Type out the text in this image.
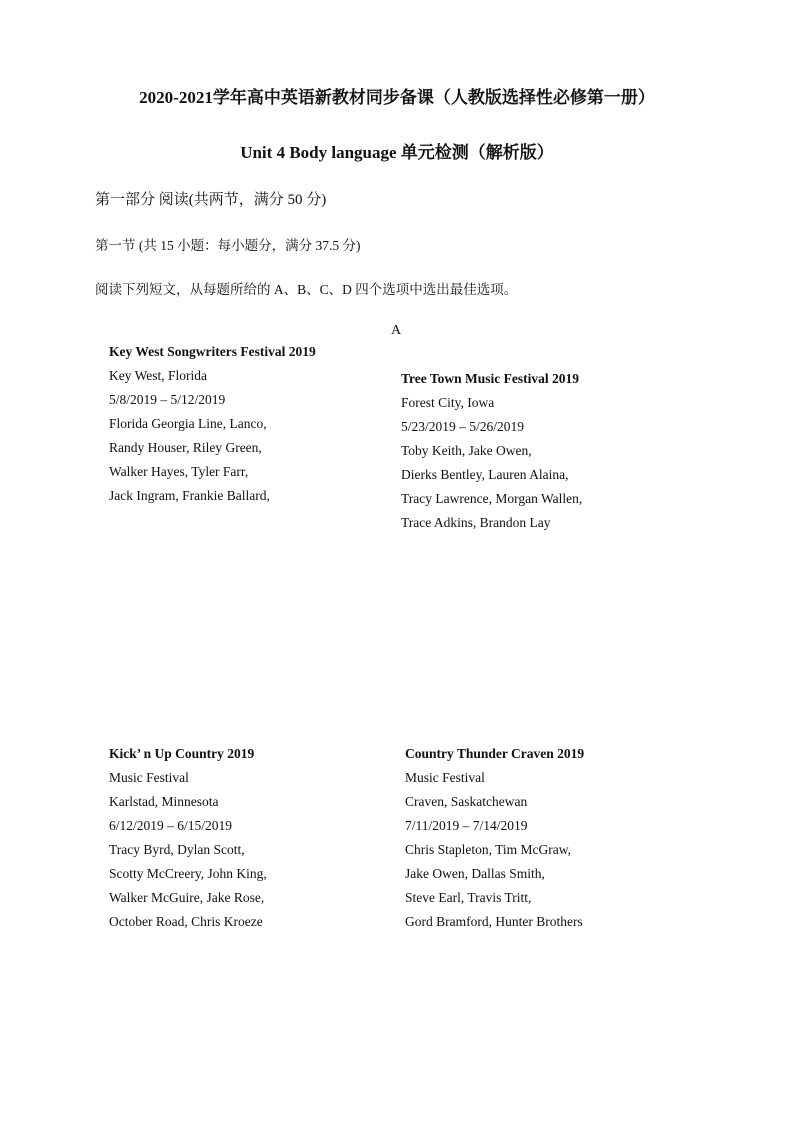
2020-2021学年高中英语新教材同步备课（人教版选择性必修第一册）
Unit 4 Body language 单元检测（解析版）
第一部分 阅读(共两节，满分 50 分)
第一节 (共 15 小题：每小题分，满分 37.5 分)
阅读下列短文，从每题所给的 A、B、C、D 四个选项中选出最佳选项。
A
Key West Songwriters Festival 2019
Key West, Florida
5/8/2019 – 5/12/2019
Florida Georgia Line, Lanco,
Randy Houser, Riley Green,
Walker Hayes, Tyler Farr,
Jack Ingram, Frankie Ballard,
Tree Town Music Festival 2019
Forest City, Iowa
5/23/2019 – 5/26/2019
Toby Keith, Jake Owen,
Dierks Bentley, Lauren Alaina,
Tracy Lawrence, Morgan Wallen,
Trace Adkins, Brandon Lay
Kick’ n Up Country 2019
Music Festival
Karlstad, Minnesota
6/12/2019 – 6/15/2019
Tracy Byrd, Dylan Scott,
Scotty McCreery, John King,
Walker McGuire, Jake Rose,
October Road, Chris Kroeze
Country Thunder Craven 2019
Music Festival
Craven, Saskatchewan
7/11/2019 – 7/14/2019
Chris Stapleton, Tim McGraw,
Jake Owen, Dallas Smith,
Steve Earl, Travis Tritt,
Gord Bramford, Hunter Brothers
